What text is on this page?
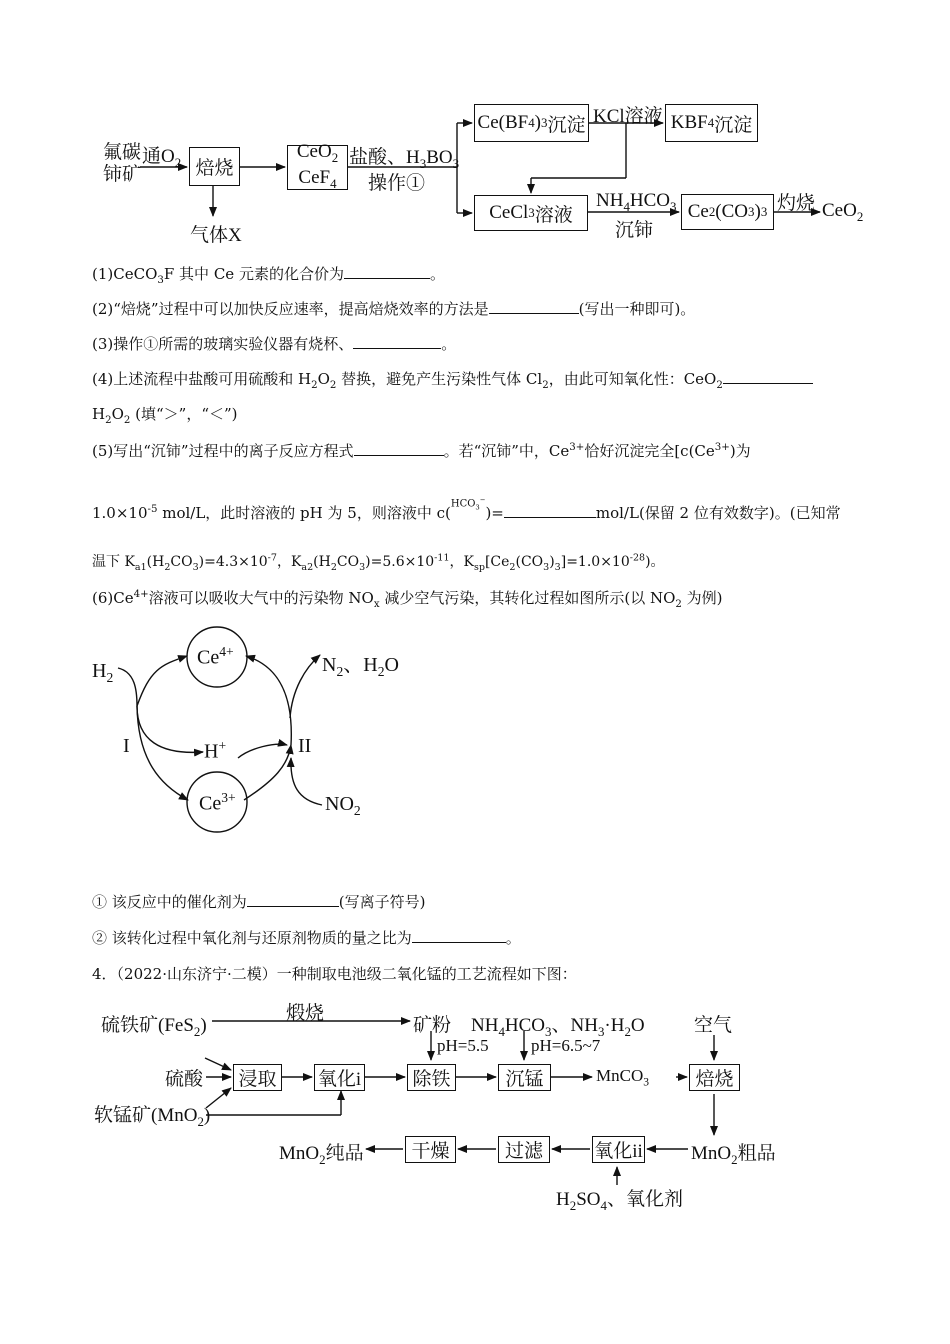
氟碳
铈矿
通$O_2$ 焙烧
气体X
CeO$_2$
CeF$_4$
盐酸、$H_3BO_3$
操作①
Ce(BF 4 ) 3 沉淀 KCl溶液 KBF 4 沉淀
CeCl 3 溶液
$NH_4HCO_3$
沉铈
Ce 2 (CO 3 ) 3 灼烧 CeO$_2$
(1)CeCO$_3$F 其中 Ce 元素的化合价为	。
(2)“焙烧”过程中可以加快反应速率，提高焙烧效率的方法是	(写出一种即可)。
(3)操作①所需的玻璃实验仪器有烧杯、	。
(4)上述流程中盐酸可用硫酸和 $H_2O_2$ 替换，避免产生污染性气体 $Cl_2$，由此可知氧化性：CeO$_2$
$H_2O_2$ (填“＞”，“＜”)
(5)写出“沉铈”过程中的离子反应方程式	。若“沉铈”中，$Ce^{3+}$恰好沉淀完全[$c(Ce^{3+})$为
$1.0\times 10^{-5}$ mol/L，此时溶液的 pH 为 5，则溶液中 $c(HCO_3^-)=$	mol/L(保留 2 位有效数字)。(已知常
温下 $K_{a1}(H_2CO_3)=4.3\times 10^{-7}$，$K_{a2}(H_2CO_3)=5.6\times 10^{-11}$，$K_{sp}[Ce_2(CO_3)_3]=1.0\times 10^{-28}$)。
$(6)Ce^{4+}$溶液可以吸收大气中的污染物 $NO_x$ 减少空气污染，其转化过程如图所示(以 $NO_2$ 为例)
$H_2$
$Ce^{4+}$
$Ce^{3+}$
H+
I	II
$N_2$、$H_2O$
$NO_2$
① 该反应中的催化剂为	(写离子符号)
② 该转化过程中氧化剂与还原剂物质的量之比为	。
4．（2022·山东济宁·二模）一种制取电池级二氧化锰的工艺流程如下图：
硫铁矿(FeS$_2$)
煅烧
矿粉 $NH_4HCO_3$、$NH_3\cdot H_2O$	空气
pH=5.5 pH=6.5~7
硫酸 浸取 氧化i	除铁	沉锰	MnCO$_3$ 焙烧
软锰矿(MnO$_2$)
MnO$_2$粗品
氧化ii
过滤
干燥
MnO$_2$纯品
$H_2SO_4$、氧化剂
